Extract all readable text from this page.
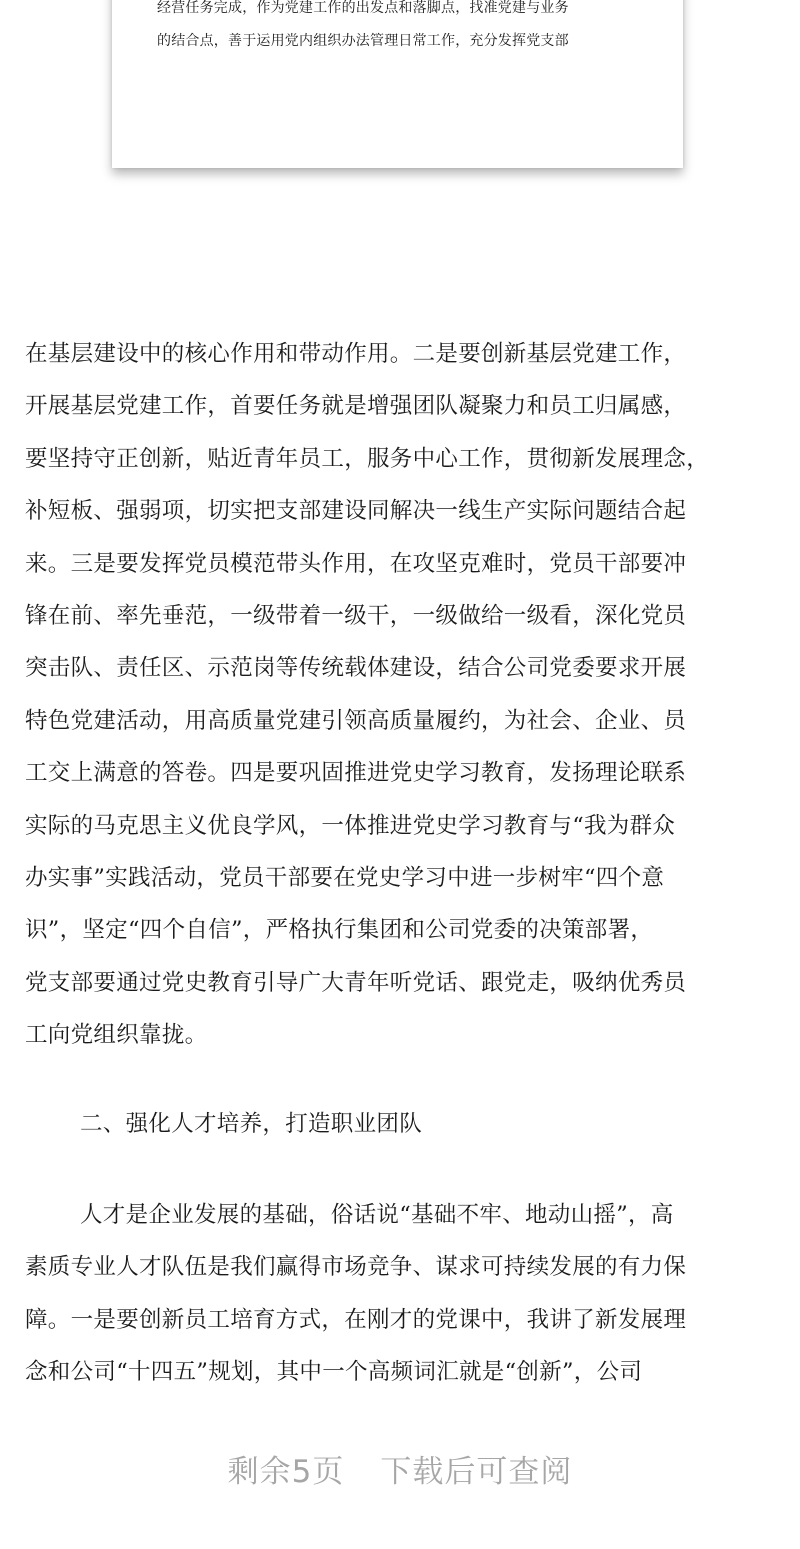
经营任务完成，作为党建工作的出发点和落脚点，找准党建与业务
的结合点，善于运用党内组织办法管理日常工作，充分发挥党支部
在基层建设中的核心作用和带动作用。二是要创新基层党建工作，
开展基层党建工作，首要任务就是增强团队凝聚力和员工归属感，
要坚持守正创新，贴近青年员工，服务中心工作，贯彻新发展理念，
补短板、强弱项，切实把支部建设同解决一线生产实际问题结合起
来。三是要发挥党员模范带头作用，在攻坚克难时，党员干部要冲
锋在前、率先垂范，一级带着一级干，一级做给一级看，深化党员
突击队、责任区、示范岗等传统载体建设，结合公司党委要求开展
特色党建活动，用高质量党建引领高质量履约，为社会、企业、员
工交上满意的答卷。四是要巩固推进党史学习教育，发扬理论联系
实际的马克思主义优良学风，一体推进党史学习教育与“我为群众
办实事”实践活动，党员干部要在党史学习中进一步树牢“四个意
识”，坚定“四个自信”，严格执行集团和公司党委的决策部署，
党支部要通过党史教育引导广大青年听党话、跟党走，吸纳优秀员
工向党组织靠拢。
二、强化人才培养，打造职业团队
人才是企业发展的基础，俗话说“基础不牢、地动山摇”，高
素质专业人才队伍是我们赢得市场竞争、谋求可持续发展的有力保
障。一是要创新员工培育方式，在刚才的党课中，我讲了新发展理
念和公司“十四五”规划，其中一个高频词汇就是“创新”，公司
剩余5页 下载后可查阅
